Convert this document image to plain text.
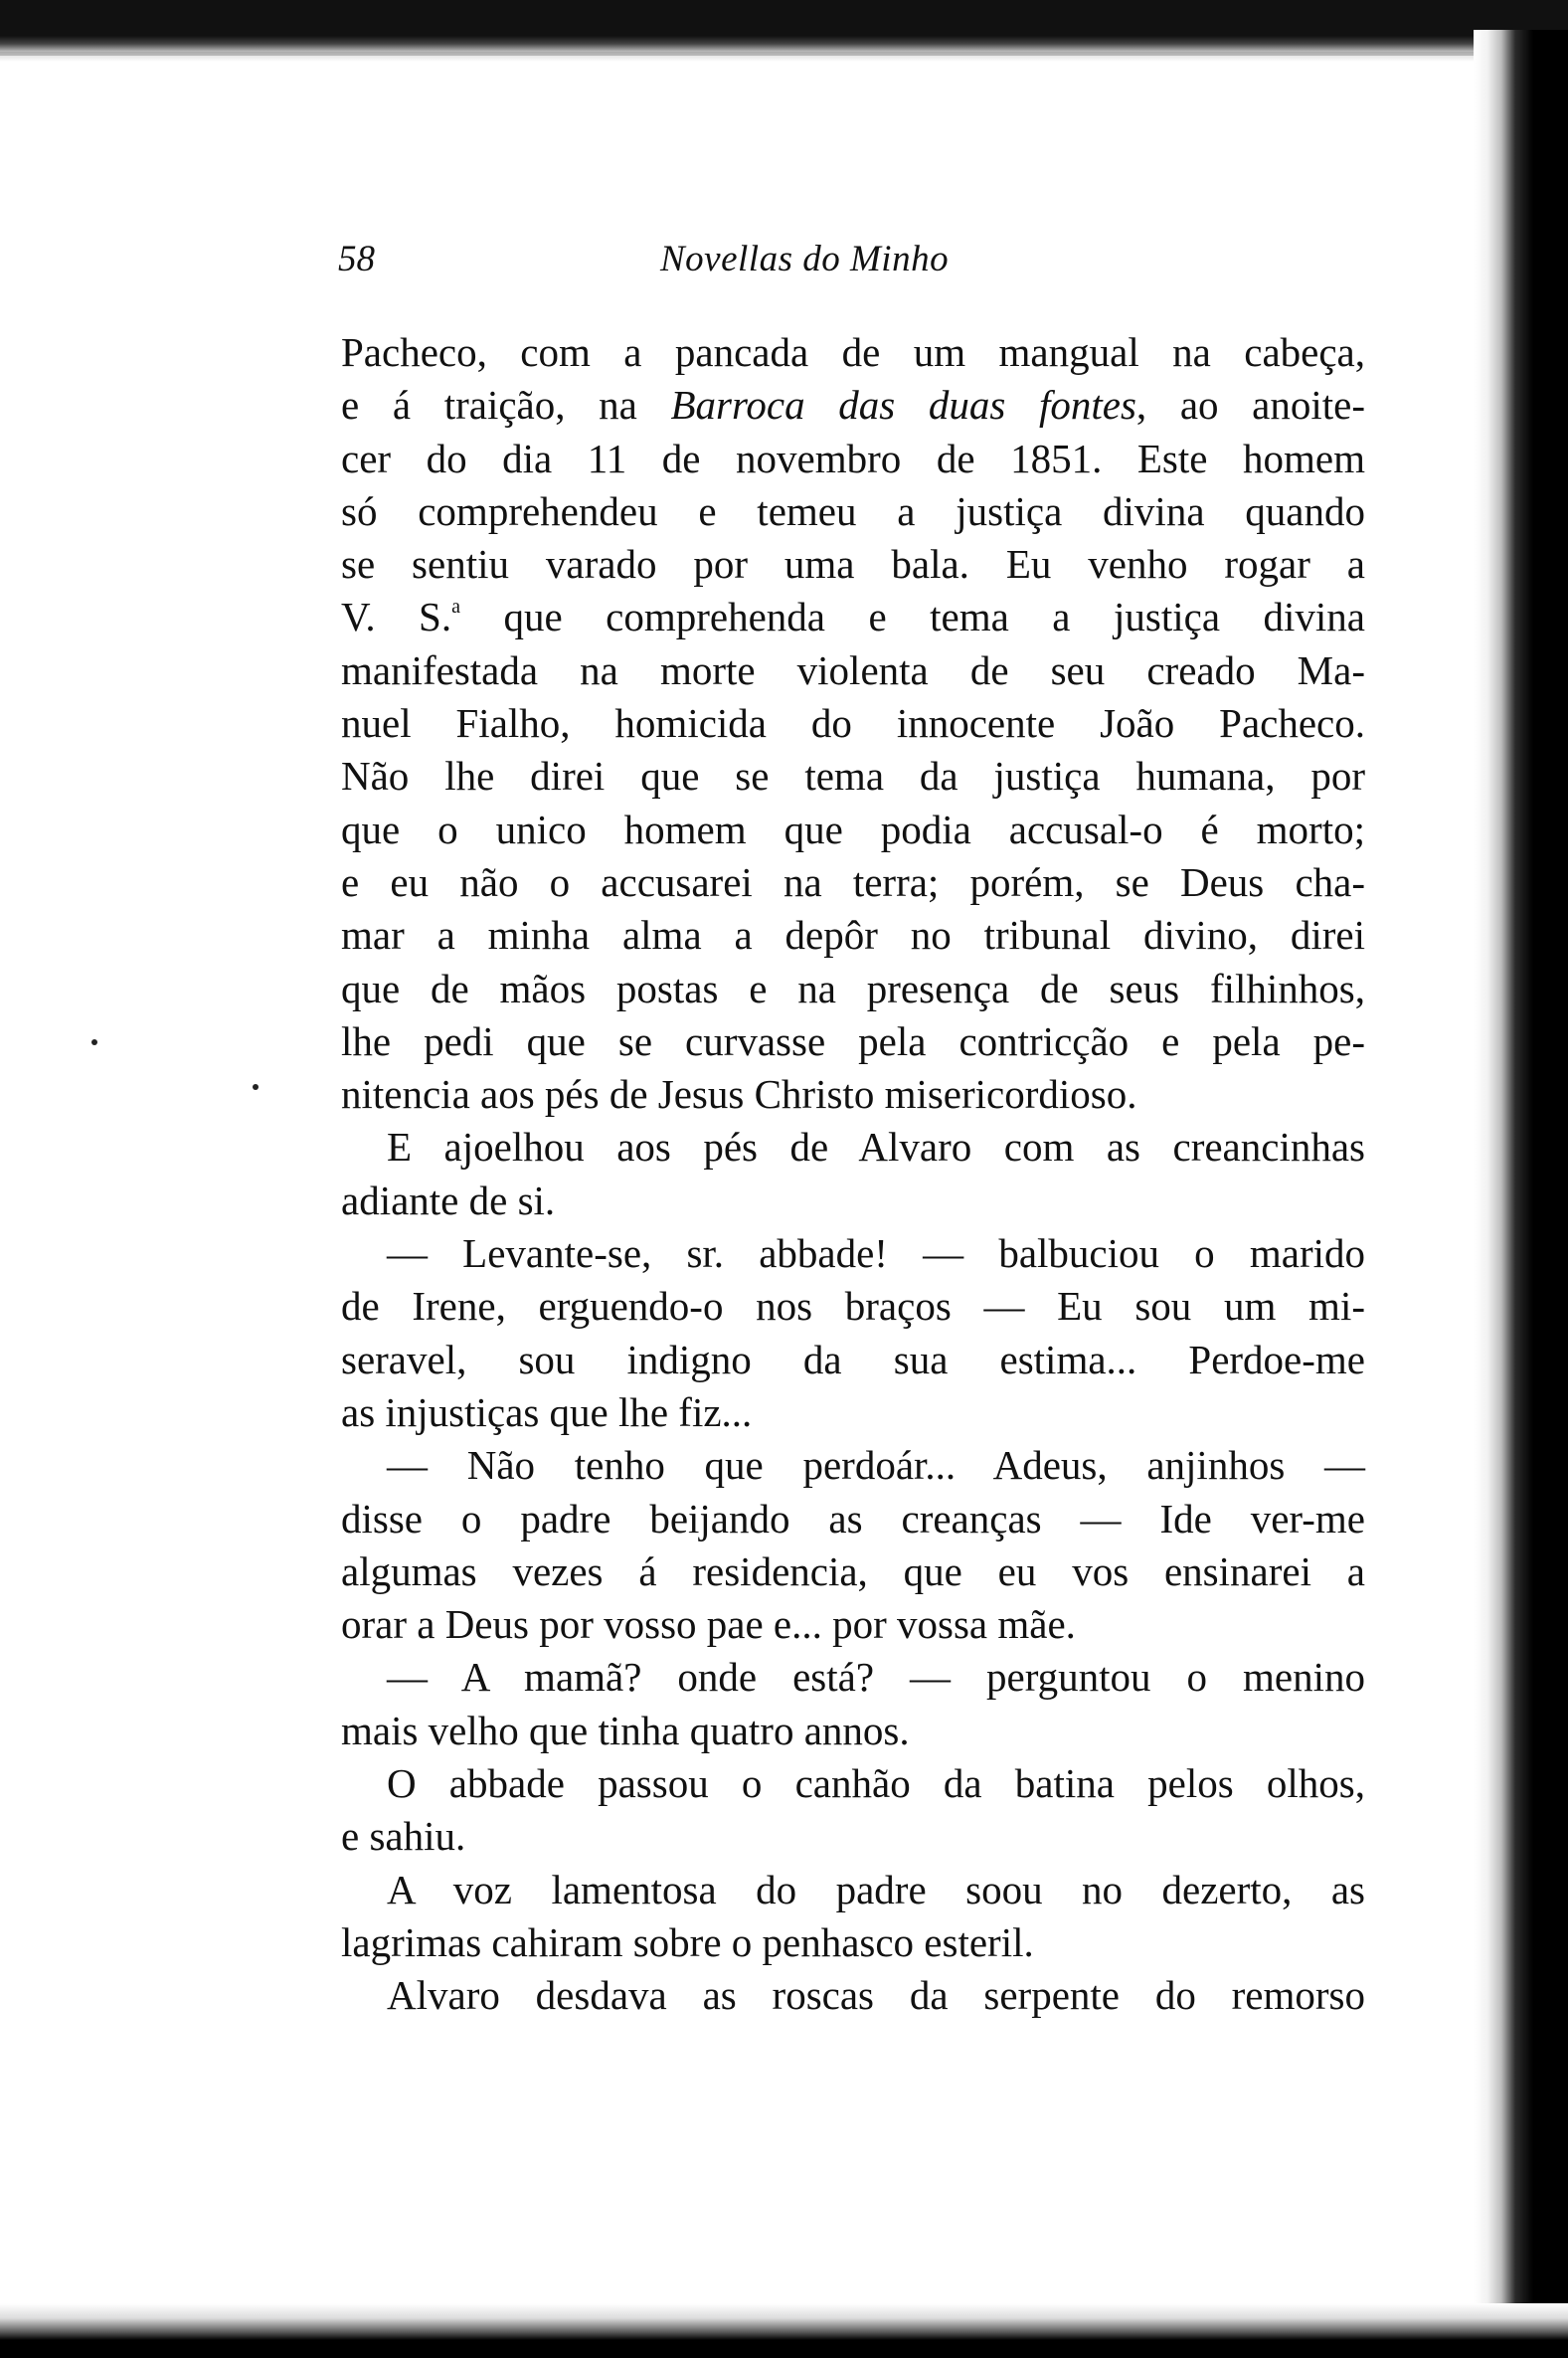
58	Novellas do Minho
Pacheco, com a pancada de um mangual na cabeça,
e á traição, na Barroca das duas fontes, ao anoite-
cer do dia 11 de novembro de 1851. Este homem
só comprehendeu e temeu a justiça divina quando
se sentiu varado por uma bala. Eu venho rogar a
V. S.$^a$ que comprehenda e tema a justiça divina
manifestada na morte violenta de seu creado Ma-
nuel Fialho, homicida do innocente João Pacheco.
Não lhe direi que se tema da justiça humana, por
que o unico homem que podia accusal-o é morto;
e eu não o accusarei na terra; porém, se Deus cha-
mar a minha alma a depôr no tribunal divino, direi
que de mãos postas e na presença de seus filhinhos,
lhe pedi que se curvasse pela contricção e pela pe-
nitencia aos pés de Jesus Christo misericordioso.
E ajoelhou aos pés de Alvaro com as creancinhas
adiante de si.
— Levante-se, sr. abbade! — balbuciou o marido
de Irene, erguendo-o nos braços — Eu sou um mi-
seravel, sou indigno da sua estima... Perdoe-me
as injustiças que lhe fiz...
— Não tenho que perdoár... Adeus, anjinhos —
disse o padre beijando as creanças — Ide ver-me
algumas vezes á residencia, que eu vos ensinarei a
orar a Deus por vosso pae e... por vossa mãe.
— A mamã? onde está? — perguntou o menino
mais velho que tinha quatro annos.
O abbade passou o canhão da batina pelos olhos,
e sahiu.
A voz lamentosa do padre soou no dezerto, as
lagrimas cahiram sobre o penhasco esteril.
Alvaro desdava as roscas da serpente do remorso
